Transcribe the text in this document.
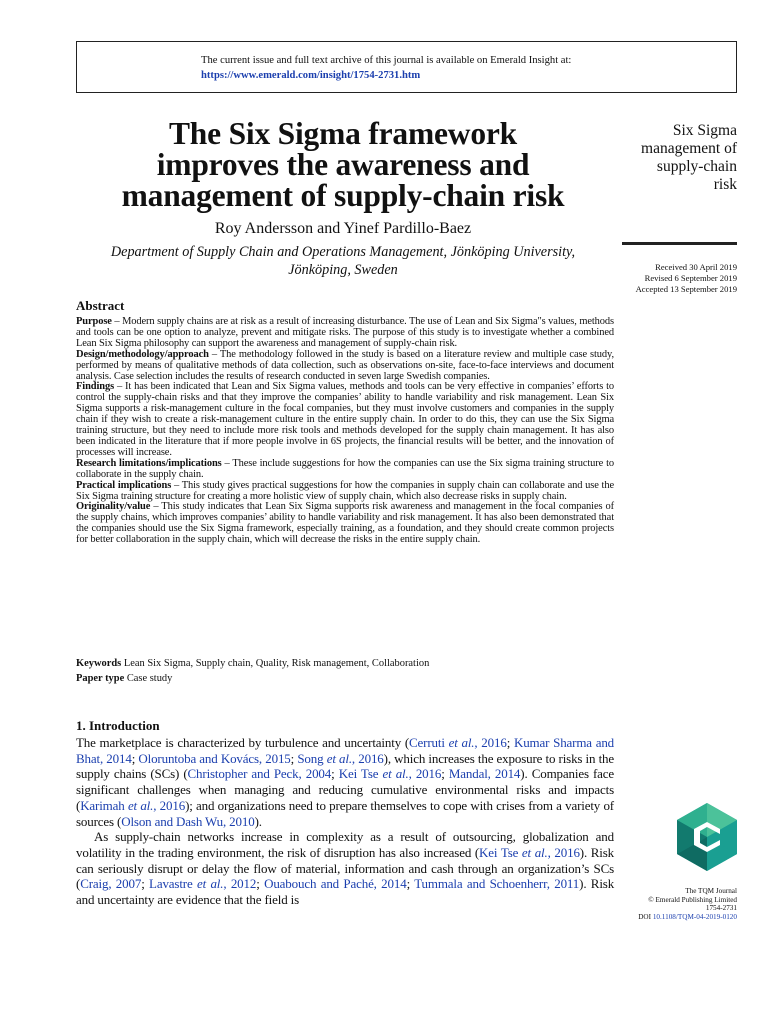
The current issue and full text archive of this journal is available on Emerald Insight at:
https://www.emerald.com/insight/1754-2731.htm
The Six Sigma framework
improves the awareness and
management of supply-chain risk
Roy Andersson and Yinef Pardillo-Baez
Department of Supply Chain and Operations Management, Jönköping University,
Jönköping, Sweden
Six Sigma
management of
supply-chain
risk
Received 30 April 2019
Revised 6 September 2019
Accepted 13 September 2019
Abstract

Purpose – Modern supply chains are at risk as a result of increasing disturbance. The use of Lean and Six Sigma"s values, methods and tools can be one option to analyze, prevent and mitigate risks. The purpose of this study is to investigate whether a combined Lean Six Sigma philosophy can support the awareness and management of supply-chain risk.

Design/methodology/approach – The methodology followed in the study is based on a literature review and multiple case study, performed by means of qualitative methods of data collection, such as observations on-site, face-to-face interviews and document analysis. Case selection includes the results of research conducted in seven large Swedish companies.

Findings – It has been indicated that Lean and Six Sigma values, methods and tools can be very effective in companies’ efforts to control the supply-chain risks and that they improve the companies’ ability to handle variability and risk management. Lean Six Sigma supports a risk-management culture in the focal companies, but they must involve customers and companies in the supply chain if they wish to create a risk-management culture in the entire supply chain. In order to do this, they can use the Six Sigma training structure, but they need to include more risk tools and methods developed for the supply chain management. It has also been indicated in the literature that if more people involve in 6S projects, the financial results will be better, and the innovation of processes will increase.

Research limitations/implications – These include suggestions for how the companies can use the Six sigma training structure to collaborate in the supply chain.

Practical implications – This study gives practical suggestions for how the companies in supply chain can collaborate and use the Six Sigma training structure for creating a more holistic view of supply chain, which also decrease risks in supply chain.

Originality/value – This study indicates that Lean Six Sigma supports risk awareness and management in the focal companies of the supply chains, which improves companies’ ability to handle variability and risk management. It has also been demonstrated that the companies should use the Six Sigma framework, especially training, as a foundation, and they should create common projects for better collaboration in the supply chain, which will decrease the risks in the entire supply chain.

Keywords Lean Six Sigma, Supply chain, Quality, Risk management, Collaboration
Paper type Case study
1. Introduction

The marketplace is characterized by turbulence and uncertainty (Cerruti et al., 2016; Kumar Sharma and Bhat, 2014; Oloruntoba and Kovács, 2015; Song et al., 2016), which increases the exposure to risks in the supply chains (SCs) (Christopher and Peck, 2004; Kei Tse et al., 2016; Mandal, 2014). Companies face significant challenges when managing and reducing cumulative environmental risks and impacts (Karimah et al., 2016); and organizations need to prepare themselves to cope with crises from a variety of sources (Olson and Dash Wu, 2010).

As supply-chain networks increase in complexity as a result of outsourcing, globalization and volatility in the trading environment, the risk of disruption has also increased (Kei Tse et al., 2016). Risk can seriously disrupt or delay the flow of material, information and cash through an organization’s SCs (Craig, 2007; Lavastre et al., 2012; Ouabouch and Paché, 2014; Tummala and Schoenherr, 2011). Risk and uncertainty are evidence that the field is

The TQM Journal
© Emerald Publishing Limited
1754-2731
DOI 10.1108/TQM-04-2019-0120
